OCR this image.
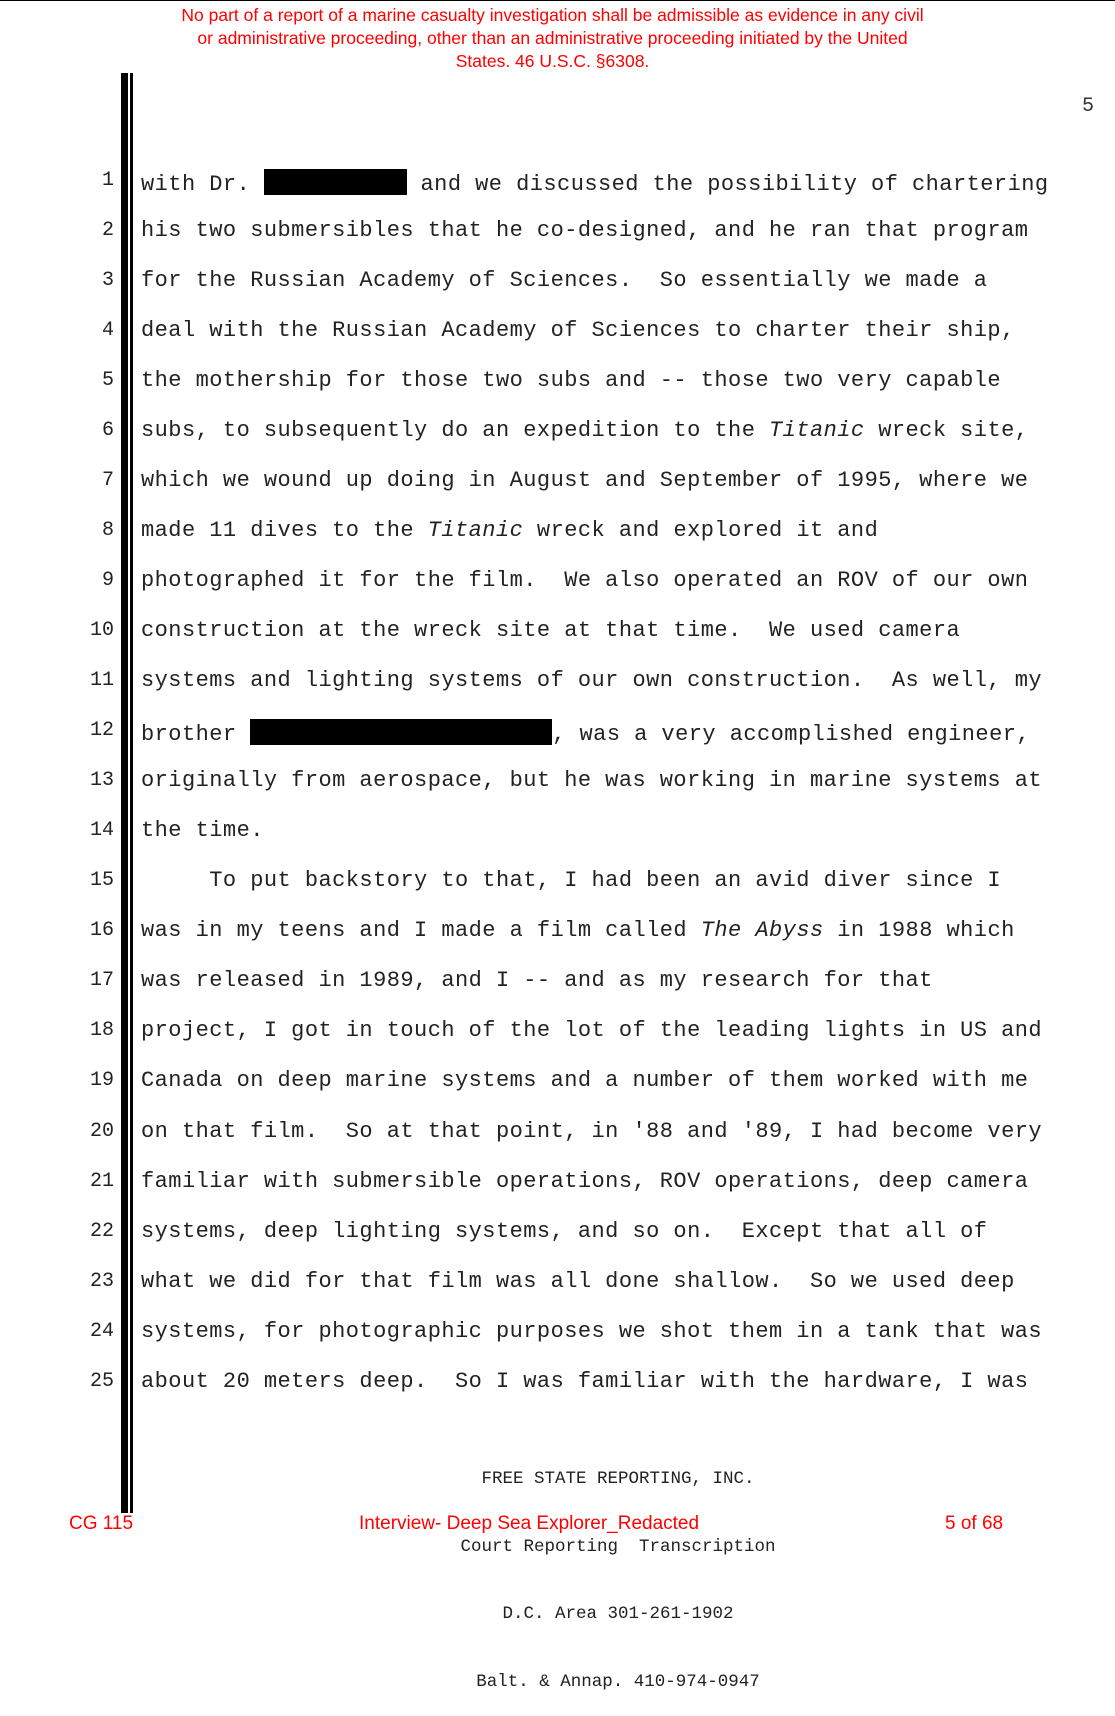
No part of a report of a marine casualty investigation shall be admissible as evidence in any civil
or administrative proceeding, other than an administrative proceeding initiated by the United
States. 46 U.S.C. §6308.
5
1 with Dr.	and we discussed the possibility of chartering
2 his two submersibles that he co-designed, and he ran that program
3 for the Russian Academy of Sciences.  So essentially we made a
4 deal with the Russian Academy of Sciences to charter their ship,
5 the mothership for those two subs and -- those two very capable
6 subs, to subsequently do an expedition to the Titanic wreck site,
7 which we wound up doing in August and September of 1995, where we
8 made 11 dives to the Titanic wreck and explored it and
9 photographed it for the film.  We also operated an ROV of our own
10 construction at the wreck site at that time.  We used camera
11 systems and lighting systems of our own construction.  As well, my
12 brother	, was a very accomplished engineer,
13 originally from aerospace, but he was working in marine systems at
14 the time.
15 To put backstory to that, I had been an avid diver since I
16 was in my teens and I made a film called The Abyss in 1988 which
17 was released in 1989, and I -- and as my research for that
18 project, I got in touch of the lot of the leading lights in US and
19 Canada on deep marine systems and a number of them worked with me
20 on that film.  So at that point, in '88 and '89, I had become very
21 familiar with submersible operations, ROV operations, deep camera
22 systems, deep lighting systems, and so on.  Except that all of
23 what we did for that film was all done shallow.  So we used deep
24 systems, for photographic purposes we shot them in a tank that was
25 about 20 meters deep.  So I was familiar with the hardware, I was

FREE STATE REPORTING, INC.

Court Reporting  Transcription

D.C. Area 301-261-1902

Balt. & Annap. 410-974-0947

CG 115	Interview- Deep Sea Explorer_Redacted	5 of 68
